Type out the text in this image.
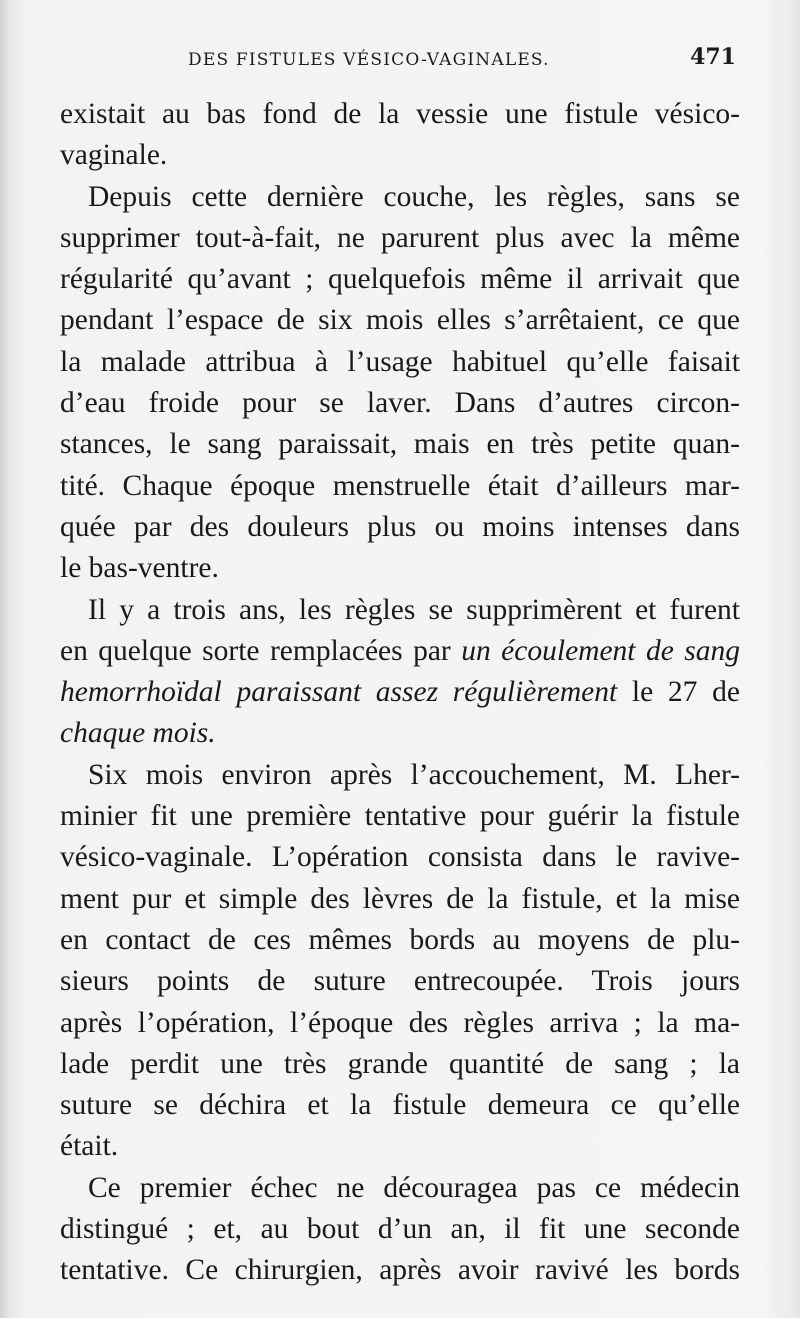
DES FISTULES VÉSICO-VAGINALES.	471
existait au bas fond de la vessie une fistule vésico-
vaginale.
Depuis cette dernière couche, les règles, sans se
supprimer tout-à-fait, ne parurent plus avec la même
régularité qu’avant ; quelquefois même il arrivait que
pendant l’espace de six mois elles s’arrêtaient, ce que
la malade attribua à l’usage habituel qu’elle faisait
d’eau froide pour se laver. Dans d’autres circon-
stances, le sang paraissait, mais en très petite quan-
tité. Chaque époque menstruelle était d’ailleurs mar-
quée par des douleurs plus ou moins intenses dans
le bas-ventre.
Il y a trois ans, les règles se supprimèrent et furent
en quelque sorte remplacées par un écoulement de sang
hemorrhoïdal paraissant assez régulièrement le 27 de
chaque mois.
Six mois environ après l’accouchement, M. Lher-
minier fit une première tentative pour guérir la fistule
vésico-vaginale. L’opération consista dans le ravive-
ment pur et simple des lèvres de la fistule, et la mise
en contact de ces mêmes bords au moyens de plu-
sieurs points de suture entrecoupée. Trois jours
après l’opération, l’époque des règles arriva ; la ma-
lade perdit une très grande quantité de sang ; la
suture se déchira et la fistule demeura ce qu’elle
était.
Ce premier échec ne découragea pas ce médecin
distingué ; et, au bout d’un an, il fit une seconde
tentative. Ce chirurgien, après avoir ravivé les bords
